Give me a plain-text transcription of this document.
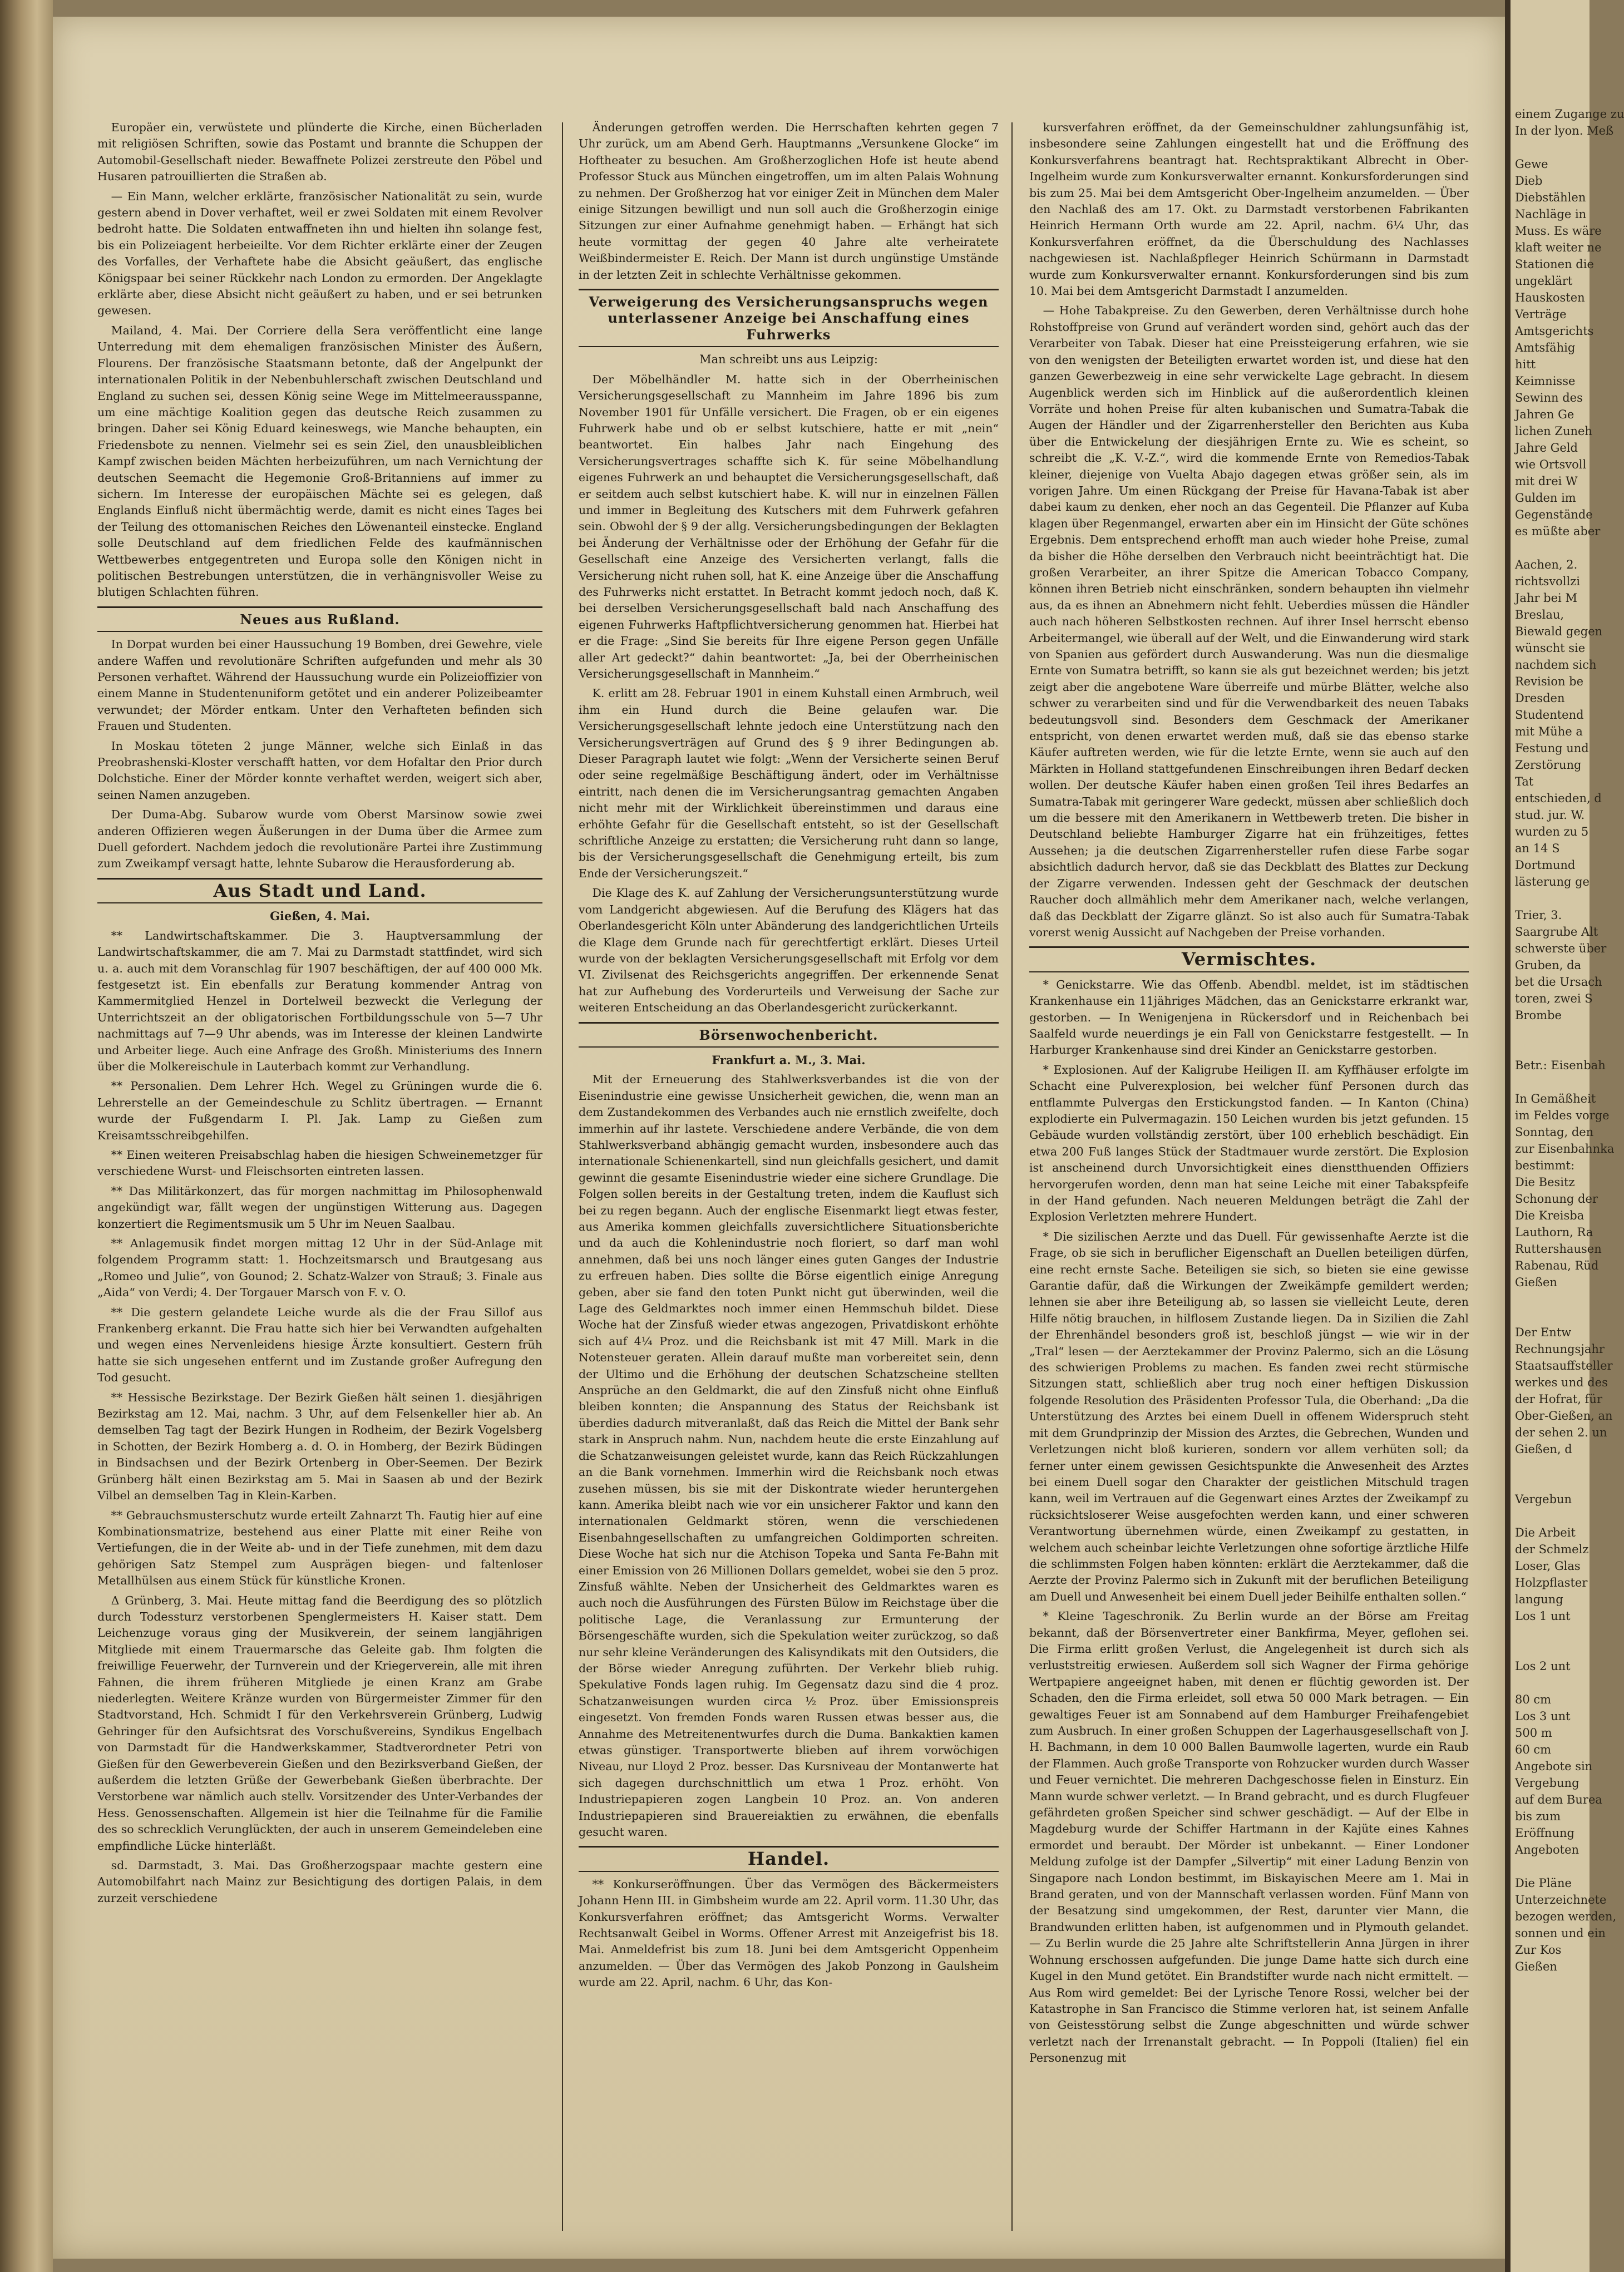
Europäer ein, verwüstete und plünderte die Kirche, einen Bücherladen mit religiösen Schriften, sowie das Postamt und brannte die Schuppen der Automobil-Gesellschaft nieder. Bewaffnete Polizei zerstreute den Pöbel und Husaren patrouillierten die Straßen ab.

— Ein Mann, welcher erklärte, französischer Nationalität zu sein, wurde gestern abend in Dover verhaftet, weil er zwei Soldaten mit einem Revolver bedroht hatte. Die Soldaten entwaffneten ihn und hielten ihn solange fest, bis ein Polizeiagent herbeieilte. Vor dem Richter erklärte einer der Zeugen des Vorfalles, der Verhaftete habe die Absicht geäußert, das englische Königspaar bei seiner Rückkehr nach London zu ermorden. Der Angeklagte erklärte aber, diese Absicht nicht geäußert zu haben, und er sei betrunken gewesen.

Mailand, 4. Mai. Der Corriere della Sera veröffentlicht eine lange Unterredung mit dem ehemaligen französischen Minister des Äußern, Flourens. Der französische Staatsmann betonte, daß der Angelpunkt der internationalen Politik in der Nebenbuhlerschaft zwischen Deutschland und England zu suchen sei, dessen König seine Wege im Mittelmeerausspanne, um eine mächtige Koalition gegen das deutsche Reich zusammen zu bringen. Daher sei König Eduard keineswegs, wie Manche behaupten, ein Friedensbote zu nennen. Vielmehr sei es sein Ziel, den unausbleiblichen Kampf zwischen beiden Mächten herbeizuführen, um nach Vernichtung der deutschen Seemacht die Hegemonie Groß-Britanniens auf immer zu sichern. Im Interesse der europäischen Mächte sei es gelegen, daß Englands Einfluß nicht übermächtig werde, damit es nicht eines Tages bei der Teilung des ottomanischen Reiches den Löwenanteil einstecke. England solle Deutschland auf dem friedlichen Felde des kaufmännischen Wettbewerbes entgegentreten und Europa solle den Königen nicht in politischen Bestrebungen unterstützen, die in verhängnisvoller Weise zu blutigen Schlachten führen.

Neues aus Rußland.

In Dorpat wurden bei einer Haussuchung 19 Bomben, drei Gewehre, viele andere Waffen und revolutionäre Schriften aufgefunden und mehr als 30 Personen verhaftet. Während der Haussuchung wurde ein Polizeioffizier von einem Manne in Studentenuniform getötet und ein anderer Polizeibeamter verwundet; der Mörder entkam. Unter den Verhafteten befinden sich Frauen und Studenten.

In Moskau töteten 2 junge Männer, welche sich Einlaß in das Preobrashenski-Kloster verschafft hatten, vor dem Hofaltar den Prior durch Dolchstiche. Einer der Mörder konnte verhaftet werden, weigert sich aber, seinen Namen anzugeben.

Der Duma-Abg. Subarow wurde vom Oberst Marsinow sowie zwei anderen Offizieren wegen Äußerungen in der Duma über die Armee zum Duell gefordert. Nachdem jedoch die revolutionäre Partei ihre Zustimmung zum Zweikampf versagt hatte, lehnte Subarow die Herausforderung ab.

Aus Stadt und Land.
Gießen, 4. Mai.

** Landwirtschaftskammer. Die 3. Hauptversammlung der Landwirtschaftskammer, die am 7. Mai zu Darmstadt stattfindet, wird sich u. a. auch mit dem Voranschlag für 1907 beschäftigen, der auf 400 000 Mk. festgesetzt ist. Ein ebenfalls zur Beratung kommender Antrag von Kammermitglied Henzel in Dortelweil bezweckt die Verlegung der Unterrichtszeit an der obligatorischen Fortbildungsschule von 5—7 Uhr nachmittags auf 7—9 Uhr abends, was im Interesse der kleinen Landwirte und Arbeiter liege. Auch eine Anfrage des Großh. Ministeriums des Innern über die Molkereischule in Lauterbach kommt zur Verhandlung.

** Personalien. Dem Lehrer Hch. Wegel zu Grüningen wurde die 6. Lehrerstelle an der Gemeindeschule zu Schlitz übertragen. — Ernannt wurde der Fußgendarm I. Pl. Jak. Lamp zu Gießen zum Kreisamtsschreibgehilfen.

** Einen weiteren Preisabschlag haben die hiesigen Schweinemetzger für verschiedene Wurst- und Fleischsorten eintreten lassen.

** Das Militärkonzert, das für morgen nachmittag im Philosophenwald angekündigt war, fällt wegen der ungünstigen Witterung aus. Dagegen konzertiert die Regimentsmusik um 5 Uhr im Neuen Saalbau.

** Anlagemusik findet morgen mittag 12 Uhr in der Süd-Anlage mit folgendem Programm statt: 1. Hochzeitsmarsch und Brautgesang aus „Romeo und Julie“, von Gounod; 2. Schatz-Walzer von Strauß; 3. Finale aus „Aida“ von Verdi; 4. Der Torgauer Marsch von F. v. O.

** Die gestern gelandete Leiche wurde als die der Frau Sillof aus Frankenberg erkannt. Die Frau hatte sich hier bei Verwandten aufgehalten und wegen eines Nervenleidens hiesige Ärzte konsultiert. Gestern früh hatte sie sich ungesehen entfernt und im Zustande großer Aufregung den Tod gesucht.

** Hessische Bezirkstage. Der Bezirk Gießen hält seinen 1. diesjährigen Bezirkstag am 12. Mai, nachm. 3 Uhr, auf dem Felsenkeller hier ab. An demselben Tag tagt der Bezirk Hungen in Rodheim, der Bezirk Vogelsberg in Schotten, der Bezirk Homberg a. d. O. in Homberg, der Bezirk Büdingen in Bindsachsen und der Bezirk Ortenberg in Ober-Seemen. Der Bezirk Grünberg hält einen Bezirkstag am 5. Mai in Saasen ab und der Bezirk Vilbel an demselben Tag in Klein-Karben.

** Gebrauchsmusterschutz wurde erteilt Zahnarzt Th. Fautig hier auf eine Kombinationsmatrize, bestehend aus einer Platte mit einer Reihe von Vertiefungen, die in der Weite ab- und in der Tiefe zunehmen, mit dem dazu gehörigen Satz Stempel zum Ausprägen biegen- und faltenloser Metallhülsen aus einem Stück für künstliche Kronen.

Δ Grünberg, 3. Mai. Heute mittag fand die Beerdigung des so plötzlich durch Todessturz verstorbenen Spenglermeisters H. Kaiser statt. Dem Leichenzuge voraus ging der Musikverein, der seinem langjährigen Mitgliede mit einem Trauermarsche das Geleite gab. Ihm folgten die freiwillige Feuerwehr, der Turnverein und der Kriegerverein, alle mit ihren Fahnen, die ihrem früheren Mitgliede je einen Kranz am Grabe niederlegten. Weitere Kränze wurden von Bürgermeister Zimmer für den Stadtvorstand, Hch. Schmidt I für den Verkehrsverein Grünberg, Ludwig Gehringer für den Aufsichtsrat des Vorschußvereins, Syndikus Engelbach von Darmstadt für die Handwerkskammer, Stadtverordneter Petri von Gießen für den Gewerbeverein Gießen und den Bezirksverband Gießen, der außerdem die letzten Grüße der Gewerbebank Gießen überbrachte. Der Verstorbene war nämlich auch stellv. Vorsitzender des Unter-Verbandes der Hess. Genossenschaften. Allgemein ist hier die Teilnahme für die Familie des so schrecklich Verunglückten, der auch in unserem Gemeindeleben eine empfindliche Lücke hinterläßt.

sd. Darmstadt, 3. Mai. Das Großherzogspaar machte gestern eine Automobilfahrt nach Mainz zur Besichtigung des dortigen Palais, in dem zurzeit verschiedene

Änderungen getroffen werden. Die Herrschaften kehrten gegen 7 Uhr zurück, um am Abend Gerh. Hauptmanns „Versunkene Glocke“ im Hoftheater zu besuchen. Am Großherzoglichen Hofe ist heute abend Professor Stuck aus München eingetroffen, um im alten Palais Wohnung zu nehmen. Der Großherzog hat vor einiger Zeit in München dem Maler einige Sitzungen bewilligt und nun soll auch die Großherzogin einige Sitzungen zur einer Aufnahme genehmigt haben. — Erhängt hat sich heute vormittag der gegen 40 Jahre alte verheiratete Weißbindermeister E. Reich. Der Mann ist durch ungünstige Umstände in der letzten Zeit in schlechte Verhältnisse gekommen.

Verweigerung des Versicherungsanspruchs wegen unterlassener Anzeige bei Anschaffung eines Fuhrwerks
Man schreibt uns aus Leipzig:

Der Möbelhändler M. hatte sich in der Oberrheinischen Versicherungsgesellschaft zu Mannheim im Jahre 1896 bis zum November 1901 für Unfälle versichert. Die Fragen, ob er ein eigenes Fuhrwerk habe und ob er selbst kutschiere, hatte er mit „nein“ beantwortet. Ein halbes Jahr nach Eingehung des Versicherungsvertrages schaffte sich K. für seine Möbelhandlung eigenes Fuhrwerk an und behauptet die Versicherungsgesellschaft, daß er seitdem auch selbst kutschiert habe. K. will nur in einzelnen Fällen und immer in Begleitung des Kutschers mit dem Fuhrwerk gefahren sein. Obwohl der § 9 der allg. Versicherungsbedingungen der Beklagten bei Änderung der Verhältnisse oder der Erhöhung der Gefahr für die Gesellschaft eine Anzeige des Versicherten verlangt, falls die Versicherung nicht ruhen soll, hat K. eine Anzeige über die Anschaffung des Fuhrwerks nicht erstattet. In Betracht kommt jedoch noch, daß K. bei derselben Versicherungsgesellschaft bald nach Anschaffung des eigenen Fuhrwerks Haftpflichtversicherung genommen hat. Hierbei hat er die Frage: „Sind Sie bereits für Ihre eigene Person gegen Unfälle aller Art gedeckt?“ dahin beantwortet: „Ja, bei der Oberrheinischen Versicherungsgesellschaft in Mannheim.“

K. erlitt am 28. Februar 1901 in einem Kuhstall einen Armbruch, weil ihm ein Hund durch die Beine gelaufen war. Die Versicherungsgesellschaft lehnte jedoch eine Unterstützung nach den Versicherungsverträgen auf Grund des § 9 ihrer Bedingungen ab. Dieser Paragraph lautet wie folgt: „Wenn der Versicherte seinen Beruf oder seine regelmäßige Beschäftigung ändert, oder im Verhältnisse eintritt, nach denen die im Versicherungsantrag gemachten Angaben nicht mehr mit der Wirklichkeit übereinstimmen und daraus eine erhöhte Gefahr für die Gesellschaft entsteht, so ist der Gesellschaft schriftliche Anzeige zu erstatten; die Versicherung ruht dann so lange, bis der Versicherungsgesellschaft die Genehmigung erteilt, bis zum Ende der Versicherungszeit.“

Die Klage des K. auf Zahlung der Versicherungsunterstützung wurde vom Landgericht abgewiesen. Auf die Berufung des Klägers hat das Oberlandesgericht Köln unter Abänderung des landgerichtlichen Urteils die Klage dem Grunde nach für gerechtfertigt erklärt. Dieses Urteil wurde von der beklagten Versicherungsgesellschaft mit Erfolg vor dem VI. Zivilsenat des Reichsgerichts angegriffen. Der erkennende Senat hat zur Aufhebung des Vorderurteils und Verweisung der Sache zur weiteren Entscheidung an das Oberlandesgericht zurückerkannt.

Börsenwochenbericht.
Frankfurt a. M., 3. Mai.

Mit der Erneuerung des Stahlwerksverbandes ist die von der Eisenindustrie eine gewisse Unsicherheit gewichen, die, wenn man an dem Zustandekommen des Verbandes auch nie ernstlich zweifelte, doch immerhin auf ihr lastete. Verschiedene andere Verbände, die von dem Stahlwerksverband abhängig gemacht wurden, insbesondere auch das internationale Schienenkartell, sind nun gleichfalls gesichert, und damit gewinnt die gesamte Eisenindustrie wieder eine sichere Grundlage. Die Folgen sollen bereits in der Gestaltung treten, indem die Kauflust sich bei zu regen begann. Auch der englische Eisenmarkt liegt etwas fester, aus Amerika kommen gleichfalls zuversichtlichere Situationsberichte und da auch die Kohlenindustrie noch floriert, so darf man wohl annehmen, daß bei uns noch länger eines guten Ganges der Industrie zu erfreuen haben. Dies sollte die Börse eigentlich einige Anregung geben, aber sie fand den toten Punkt nicht gut überwinden, weil die Lage des Geldmarktes noch immer einen Hemmschuh bildet. Diese Woche hat der Zinsfuß wieder etwas angezogen, Privatdiskont erhöhte sich auf 4¼ Proz. und die Reichsbank ist mit 47 Mill. Mark in die Notensteuer geraten. Allein darauf mußte man vorbereitet sein, denn der Ultimo und die Erhöhung der deutschen Schatzscheine stellten Ansprüche an den Geldmarkt, die auf den Zinsfuß nicht ohne Einfluß bleiben konnten; die Anspannung des Status der Reichsbank ist überdies dadurch mitveranlaßt, daß das Reich die Mittel der Bank sehr stark in Anspruch nahm. Nun, nachdem heute die erste Einzahlung auf die Schatzanweisungen geleistet wurde, kann das Reich Rückzahlungen an die Bank vornehmen. Immerhin wird die Reichsbank noch etwas zusehen müssen, bis sie mit der Diskontrate wieder heruntergehen kann. Amerika bleibt nach wie vor ein unsicherer Faktor und kann den internationalen Geldmarkt stören, wenn die verschiedenen Eisenbahngesellschaften zu umfangreichen Goldimporten schreiten. Diese Woche hat sich nur die Atchison Topeka und Santa Fe-Bahn mit einer Emission von 26 Millionen Dollars gemeldet, wobei sie den 5 proz. Zinsfuß wählte. Neben der Unsicherheit des Geldmarktes waren es auch noch die Ausführungen des Fürsten Bülow im Reichstage über die politische Lage, die Veranlassung zur Ermunterung der Börsengeschäfte wurden, sich die Spekulation weiter zurückzog, so daß nur sehr kleine Veränderungen des Kalisyndikats mit den Outsiders, die der Börse wieder Anregung zuführten. Der Verkehr blieb ruhig. Spekulative Fonds lagen ruhig. Im Gegensatz dazu sind die 4 proz. Schatzanweisungen wurden circa ½ Proz. über Emissionspreis eingesetzt. Von fremden Fonds waren Russen etwas besser aus, die Annahme des Metreitenentwurfes durch die Duma. Bankaktien kamen etwas günstiger. Transportwerte blieben auf ihrem vorwöchigen Niveau, nur Lloyd 2 Proz. besser. Das Kursniveau der Montanwerte hat sich dagegen durchschnittlich um etwa 1 Proz. erhöht. Von Industriepapieren zogen Langbein 10 Proz. an. Von anderen Industriepapieren sind Brauereiaktien zu erwähnen, die ebenfalls gesucht waren.

Handel.

** Konkurseröffnungen. Über das Vermögen des Bäckermeisters Johann Henn III. in Gimbsheim wurde am 22. April vorm. 11.30 Uhr, das Konkursverfahren eröffnet; das Amtsgericht Worms. Verwalter Rechtsanwalt Geibel in Worms. Offener Arrest mit Anzeigefrist bis 18. Mai. Anmeldefrist bis zum 18. Juni bei dem Amtsgericht Oppenheim anzumelden. — Über das Vermögen des Jakob Ponzong in Gaulsheim wurde am 22. April, nachm. 6 Uhr, das Kon-

kursverfahren eröffnet, da der Gemeinschuldner zahlungsunfähig ist, insbesondere seine Zahlungen eingestellt hat und die Eröffnung des Konkursverfahrens beantragt hat. Rechtspraktikant Albrecht in Ober-Ingelheim wurde zum Konkursverwalter ernannt. Konkursforderungen sind bis zum 25. Mai bei dem Amtsgericht Ober-Ingelheim anzumelden. — Über den Nachlaß des am 17. Okt. zu Darmstadt verstorbenen Fabrikanten Heinrich Hermann Orth wurde am 22. April, nachm. 6¼ Uhr, das Konkursverfahren eröffnet, da die Überschuldung des Nachlasses nachgewiesen ist. Nachlaßpfleger Heinrich Schürmann in Darmstadt wurde zum Konkursverwalter ernannt. Konkursforderungen sind bis zum 10. Mai bei dem Amtsgericht Darmstadt I anzumelden.

— Hohe Tabakpreise. Zu den Gewerben, deren Verhältnisse durch hohe Rohstoffpreise von Grund auf verändert worden sind, gehört auch das der Verarbeiter von Tabak. Dieser hat eine Preissteigerung erfahren, wie sie von den wenigsten der Beteiligten erwartet worden ist, und diese hat den ganzen Gewerbezweig in eine sehr verwickelte Lage gebracht. In diesem Augenblick werden sich im Hinblick auf die außerordentlich kleinen Vorräte und hohen Preise für alten kubanischen und Sumatra-Tabak die Augen der Händler und der Zigarrenhersteller den Berichten aus Kuba über die Entwickelung der diesjährigen Ernte zu. Wie es scheint, so schreibt die „K. V.-Z.“, wird die kommende Ernte von Remedios-Tabak kleiner, diejenige von Vuelta Abajo dagegen etwas größer sein, als im vorigen Jahre. Um einen Rückgang der Preise für Havana-Tabak ist aber dabei kaum zu denken, eher noch an das Gegenteil. Die Pflanzer auf Kuba klagen über Regenmangel, erwarten aber ein im Hinsicht der Güte schönes Ergebnis. Dem entsprechend erhofft man auch wieder hohe Preise, zumal da bisher die Höhe derselben den Verbrauch nicht beeinträchtigt hat. Die großen Verarbeiter, an ihrer Spitze die American Tobacco Company, können ihren Betrieb nicht einschränken, sondern behaupten ihn vielmehr aus, da es ihnen an Abnehmern nicht fehlt. Ueberdies müssen die Händler auch nach höheren Selbstkosten rechnen. Auf ihrer Insel herrscht ebenso Arbeitermangel, wie überall auf der Welt, und die Einwanderung wird stark von Spanien aus gefördert durch Auswanderung. Was nun die diesmalige Ernte von Sumatra betrifft, so kann sie als gut bezeichnet werden; bis jetzt zeigt aber die angebotene Ware überreife und mürbe Blätter, welche also schwer zu verarbeiten sind und für die Verwendbarkeit des neuen Tabaks bedeutungsvoll sind. Besonders dem Geschmack der Amerikaner entspricht, von denen erwartet werden muß, daß sie das ebenso starke Käufer auftreten werden, wie für die letzte Ernte, wenn sie auch auf den Märkten in Holland stattgefundenen Einschreibungen ihren Bedarf decken wollen. Der deutsche Käufer haben einen großen Teil ihres Bedarfes an Sumatra-Tabak mit geringerer Ware gedeckt, müssen aber schließlich doch um die bessere mit den Amerikanern in Wettbewerb treten. Die bisher in Deutschland beliebte Hamburger Zigarre hat ein frühzeitiges, fettes Aussehen; ja die deutschen Zigarrenhersteller rufen diese Farbe sogar absichtlich dadurch hervor, daß sie das Deckblatt des Blattes zur Deckung der Zigarre verwenden. Indessen geht der Geschmack der deutschen Raucher doch allmählich mehr dem Amerikaner nach, welche verlangen, daß das Deckblatt der Zigarre glänzt. So ist also auch für Sumatra-Tabak vorerst wenig Aussicht auf Nachgeben der Preise vorhanden.

Vermischtes.

* Genickstarre. Wie das Offenb. Abendbl. meldet, ist im städtischen Krankenhause ein 11jähriges Mädchen, das an Genickstarre erkrankt war, gestorben. — In Wenigenjena in Rückersdorf und in Reichenbach bei Saalfeld wurde neuerdings je ein Fall von Genickstarre festgestellt. — In Harburger Krankenhause sind drei Kinder an Genickstarre gestorben.

* Explosionen. Auf der Kaligrube Heiligen II. am Kyffhäuser erfolgte im Schacht eine Pulverexplosion, bei welcher fünf Personen durch das entflammte Pulvergas den Erstickungstod fanden. — In Kanton (China) explodierte ein Pulvermagazin. 150 Leichen wurden bis jetzt gefunden. 15 Gebäude wurden vollständig zerstört, über 100 erheblich beschädigt. Ein etwa 200 Fuß langes Stück der Stadtmauer wurde zerstört. Die Explosion ist anscheinend durch Unvorsichtigkeit eines dienstthuenden Offiziers hervorgerufen worden, denn man hat seine Leiche mit einer Tabakspfeife in der Hand gefunden. Nach neueren Meldungen beträgt die Zahl der Explosion Verletzten mehrere Hundert.

* Die sizilischen Aerzte und das Duell. Für gewissenhafte Aerzte ist die Frage, ob sie sich in beruflicher Eigenschaft an Duellen beteiligen dürfen, eine recht ernste Sache. Beteiligen sie sich, so bieten sie eine gewisse Garantie dafür, daß die Wirkungen der Zweikämpfe gemildert werden; lehnen sie aber ihre Beteiligung ab, so lassen sie vielleicht Leute, deren Hilfe nötig brauchen, in hilflosem Zustande liegen. Da in Sizilien die Zahl der Ehrenhändel besonders groß ist, beschloß jüngst — wie wir in der „Tral“ lesen — der Aerztekammer der Provinz Palermo, sich an die Lösung des schwierigen Problems zu machen. Es fanden zwei recht stürmische Sitzungen statt, schließlich aber trug noch einer heftigen Diskussion folgende Resolution des Präsidenten Professor Tula, die Oberhand: „Da die Unterstützung des Arztes bei einem Duell in offenem Widerspruch steht mit dem Grundprinzip der Mission des Arztes, die Gebrechen, Wunden und Verletzungen nicht bloß kurieren, sondern vor allem verhüten soll; da ferner unter einem gewissen Gesichtspunkte die Anwesenheit des Arztes bei einem Duell sogar den Charakter der geistlichen Mitschuld tragen kann, weil im Vertrauen auf die Gegenwart eines Arztes der Zweikampf zu rücksichtsloserer Weise ausgefochten werden kann, und einer schweren Verantwortung übernehmen würde, einen Zweikampf zu gestatten, in welchem auch scheinbar leichte Verletzungen ohne sofortige ärztliche Hilfe die schlimmsten Folgen haben könnten: erklärt die Aerztekammer, daß die Aerzte der Provinz Palermo sich in Zukunft mit der beruflichen Beteiligung am Duell und Anwesenheit bei einem Duell jeder Beihilfe enthalten sollen.“

* Kleine Tageschronik. Zu Berlin wurde an der Börse am Freitag bekannt, daß der Börsenvertreter einer Bankfirma, Meyer, geflohen sei. Die Firma erlitt großen Verlust, die Angelegenheit ist durch sich als verluststreitig erwiesen. Außerdem soll sich Wagner der Firma gehörige Wertpapiere angeeignet haben, mit denen er flüchtig geworden ist. Der Schaden, den die Firma erleidet, soll etwa 50 000 Mark betragen. — Ein gewaltiges Feuer ist am Sonnabend auf dem Hamburger Freihafengebiet zum Ausbruch. In einer großen Schuppen der Lagerhausgesellschaft von J. H. Bachmann, in dem 10 000 Ballen Baumwolle lagerten, wurde ein Raub der Flammen. Auch große Transporte von Rohzucker wurden durch Wasser und Feuer vernichtet. Die mehreren Dachgeschosse fielen in Einsturz. Ein Mann wurde schwer verletzt. — In Brand gebracht, und es durch Flugfeuer gefährdeten großen Speicher sind schwer geschädigt. — Auf der Elbe in Magdeburg wurde der Schiffer Hartmann in der Kajüte eines Kahnes ermordet und beraubt. Der Mörder ist unbekannt. — Einer Londoner Meldung zufolge ist der Dampfer „Silvertip“ mit einer Ladung Benzin von Singapore nach London bestimmt, im Biskayischen Meere am 1. Mai in Brand geraten, und von der Mannschaft verlassen worden. Fünf Mann von der Besatzung sind umgekommen, der Rest, darunter vier Mann, die Brandwunden erlitten haben, ist aufgenommen und in Plymouth gelandet. — Zu Berlin wurde die 25 Jahre alte Schriftstellerin Anna Jürgen in ihrer Wohnung erschossen aufgefunden. Die junge Dame hatte sich durch eine Kugel in den Mund getötet. Ein Brandstifter wurde nach nicht ermittelt. — Aus Rom wird gemeldet: Bei der Lyrische Tenore Rossi, welcher bei der Katastrophe in San Francisco die Stimme verloren hat, ist seinem Anfalle von Geistesstörung selbst die Zunge abgeschnitten und würde schwer verletzt nach der Irrenanstalt gebracht. — In Poppoli (Italien) fiel ein Personenzug mit

einem Zugange zu
In der lyon. Meß

Gewe
Dieb
Diebstählen
Nachläge in
Muss. Es wäre
klaft weiter ne
Stationen die
ungeklärt
Hauskosten
Verträge
Amtsgerichts
Amtsfähig
hitt
Keimnisse
Sewinn des
Jahren Ge
lichen Zuneh
Jahre Geld
wie Ortsvoll
mit drei W
Gulden im
Gegenstände
es müßte aber

Aachen, 2.
richtsvollzi
Jahr bei M
Breslau,
Biewald gegen
wünscht sie
nachdem sich
Revision be
Dresden
Studentend
mit Mühe a
Festung und
Zerstörung
Tat
entschieden, d
stud. jur. W.
wurden zu 5
an 14 S
Dortmund
lästerung ge

Trier, 3.
Saargrube Alt
schwerste über
Gruben, da
bet die Ursach
toren, zwei S
Brombe

Betr.: Eisenbah

In Gemäßheit
im Feldes vorge
Sonntag, den
zur Eisenbahnka
bestimmt:
Die Besitz
Schonung der
Die Kreisba
Lauthorn, Ra
Ruttershausen
Rabenau, Rüd
Gießen

Der Entw
Rechnungsjahr
Staatsauffsteller
werkes und des
der Hofrat, für
Ober-Gießen, an
der sehen 2. un
Gießen, d

Vergebun

Die Arbeit
der Schmelz
Loser, Glas
Holzpflaster
langung
Los 1 unt

Los 2 unt

80 cm
Los 3 unt
500 m
60 cm
Angebote sin
Vergebung
auf dem Burea
bis zum
Eröffnung
Angeboten

Die Pläne
Unterzeichnete
bezogen werden,
sonnen und ein
Zur Kos
Gießen
